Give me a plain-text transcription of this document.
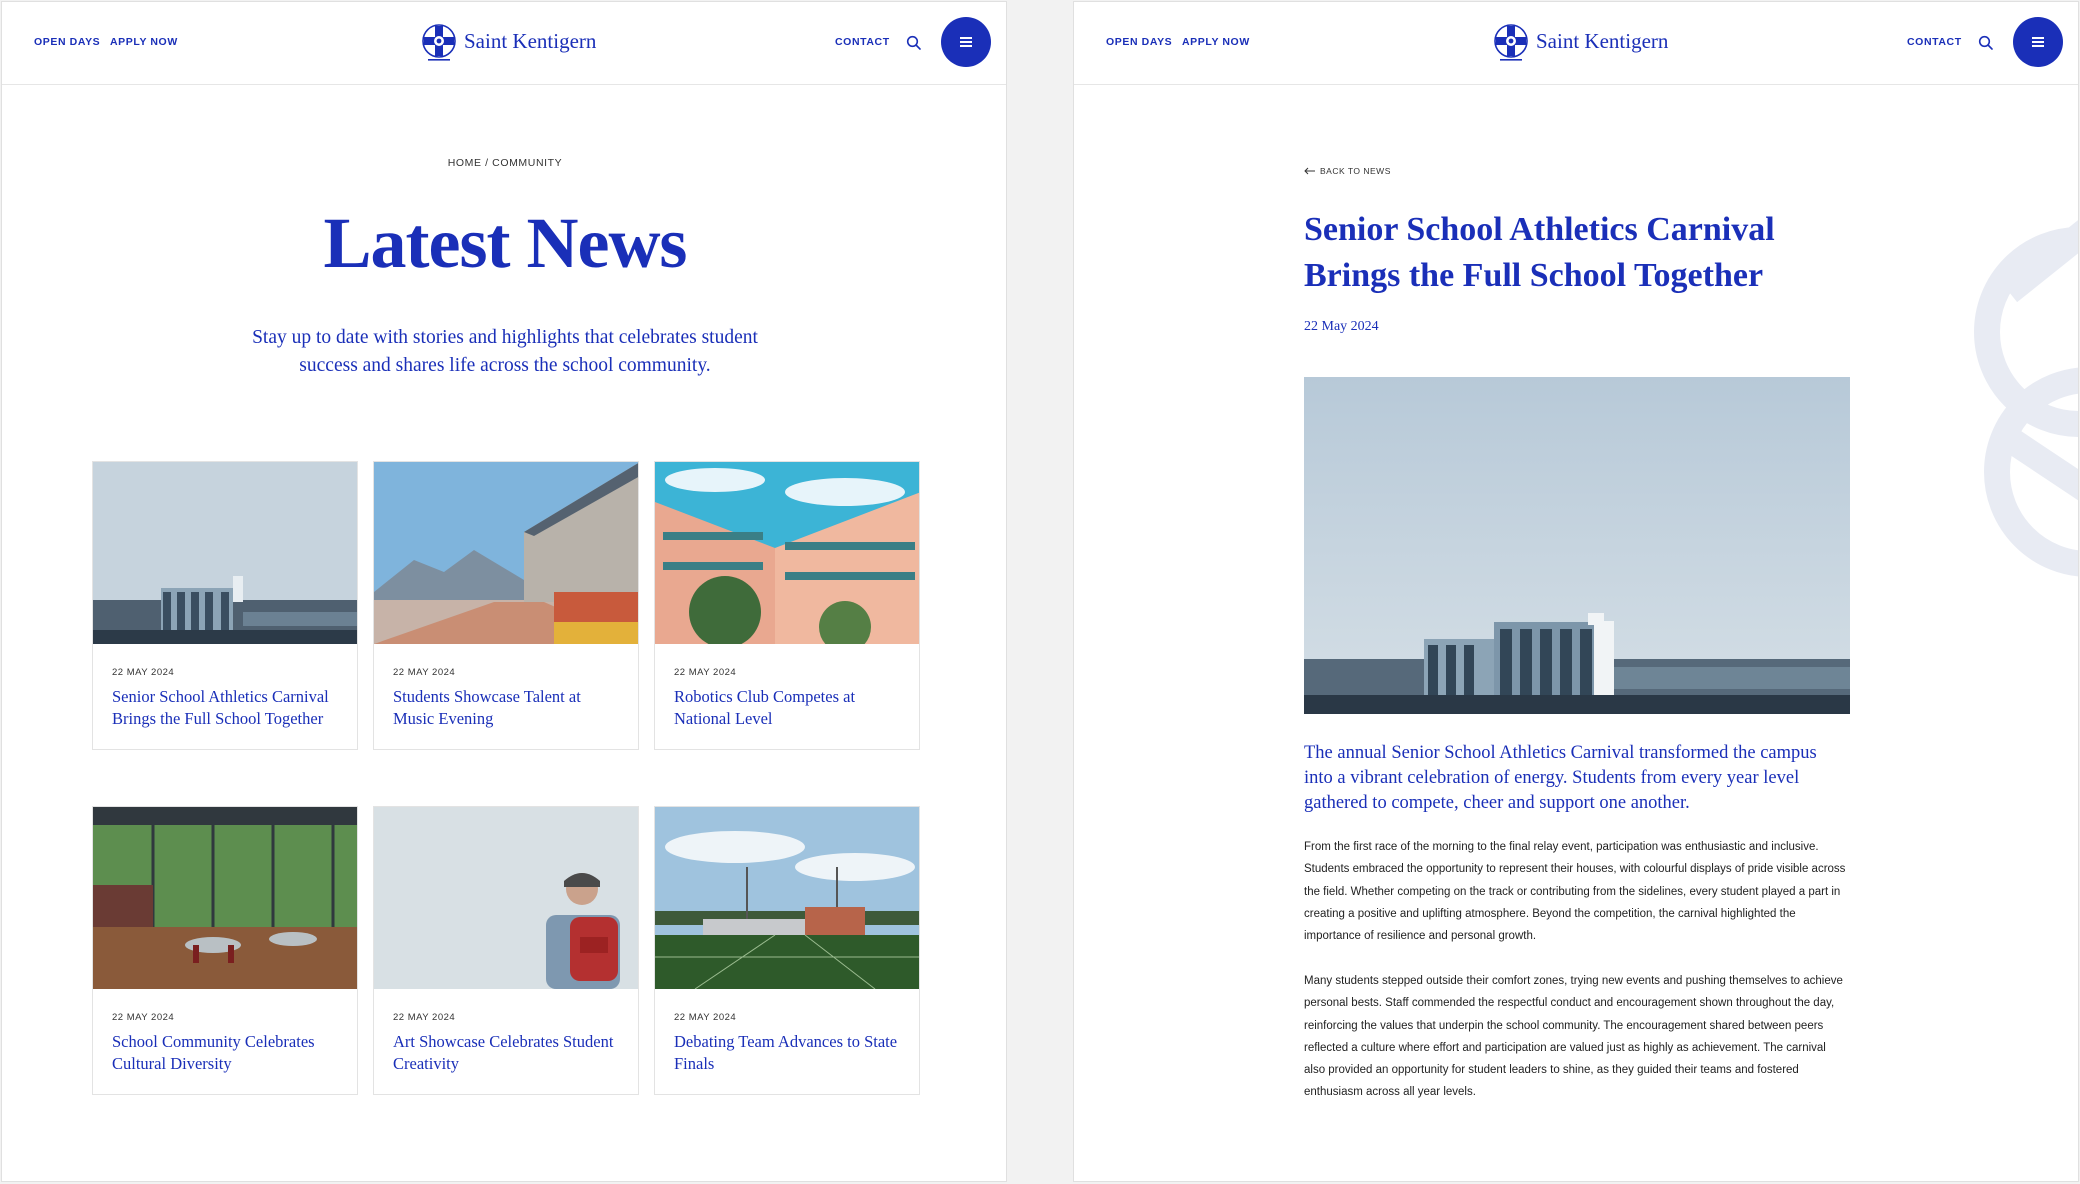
OPEN DAYS APPLY NOW	Saint Kentigern	CONTACT
HOME / COMMUNITY
Latest News

Stay up to date with stories and highlights that celebrates student success and shares life across the school community.

22 MAY 2024
Senior School Athletics Carnival Brings the Full School Together
22 MAY 2024
Students Showcase Talent at Music Evening
22 MAY 2024
Robotics Club Competes at National Level
22 MAY 2024
School Community Celebrates Cultural Diversity
22 MAY 2024
Art Showcase Celebrates Student Creativity
22 MAY 2024
Debating Team Advances to State Finals
OPEN DAYS APPLY NOW	Saint Kentigern	CONTACT
BACK TO NEWS
Senior School Athletics Carnival Brings the Full School Together
22 May 2024

The annual Senior School Athletics Carnival transformed the campus into a vibrant celebration of energy. Students from every year level gathered to compete, cheer and support one another.

From the first race of the morning to the final relay event, participation was enthusiastic and inclusive. Students embraced the opportunity to represent their houses, with colourful displays of pride visible across the field. Whether competing on the track or contributing from the sidelines, every student played a part in creating a positive and uplifting atmosphere. Beyond the competition, the carnival highlighted the importance of resilience and personal growth.

Many students stepped outside their comfort zones, trying new events and pushing themselves to achieve personal bests. Staff commended the respectful conduct and encouragement shown throughout the day, reinforcing the values that underpin the school community. The encouragement shared between peers reflected a culture where effort and participation are valued just as highly as achievement. The carnival also provided an opportunity for student leaders to shine, as they guided their teams and fostered enthusiasm across all year levels.
